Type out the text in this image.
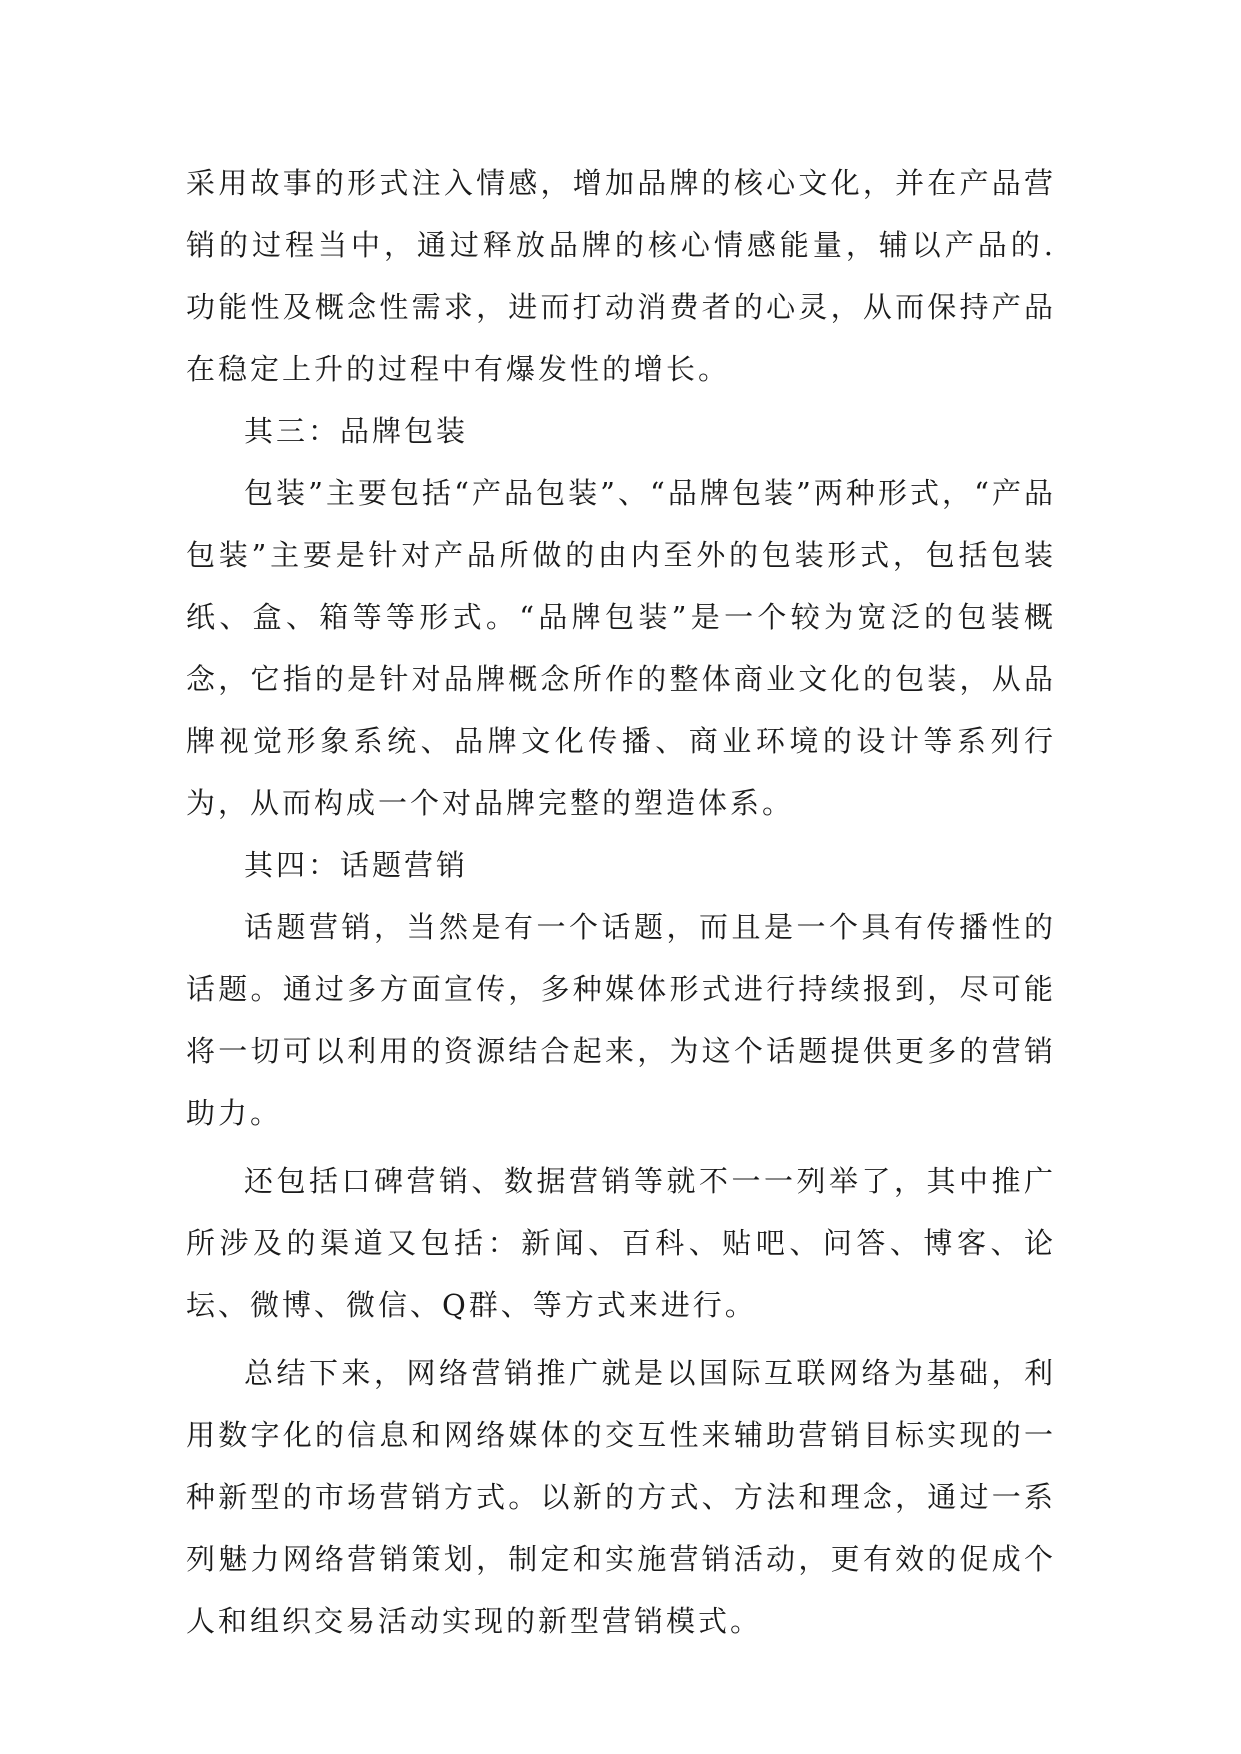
采用故事的形式注入情感，增加品牌的核心文化，并在产品营销的过程当中，通过释放品牌的核心情感能量，辅以产品的.功能性及概念性需求，进而打动消费者的心灵，从而保持产品在稳定上升的过程中有爆发性的增长。

其三：品牌包装

包装”主要包括“产品包装”、“品牌包装”两种形式，“产品包装”主要是针对产品所做的由内至外的包装形式，包括包装纸、盒、箱等等形式。“品牌包装”是一个较为宽泛的包装概念，它指的是针对品牌概念所作的整体商业文化的包装，从品牌视觉形象系统、品牌文化传播、商业环境的设计等系列行为，从而构成一个对品牌完整的塑造体系。

其四：话题营销

话题营销，当然是有一个话题，而且是一个具有传播性的话题。通过多方面宣传，多种媒体形式进行持续报到，尽可能将一切可以利用的资源结合起来，为这个话题提供更多的营销助力。

还包括口碑营销、数据营销等就不一一列举了，其中推广所涉及的渠道又包括：新闻、百科、贴吧、问答、博客、论坛、微博、微信、Q群、等方式来进行。

总结下来，网络营销推广就是以国际互联网络为基础，利用数字化的信息和网络媒体的交互性来辅助营销目标实现的一种新型的市场营销方式。以新的方式、方法和理念，通过一系列魅力网络营销策划，制定和实施营销活动，更有效的促成个人和组织交易活动实现的新型营销模式。
